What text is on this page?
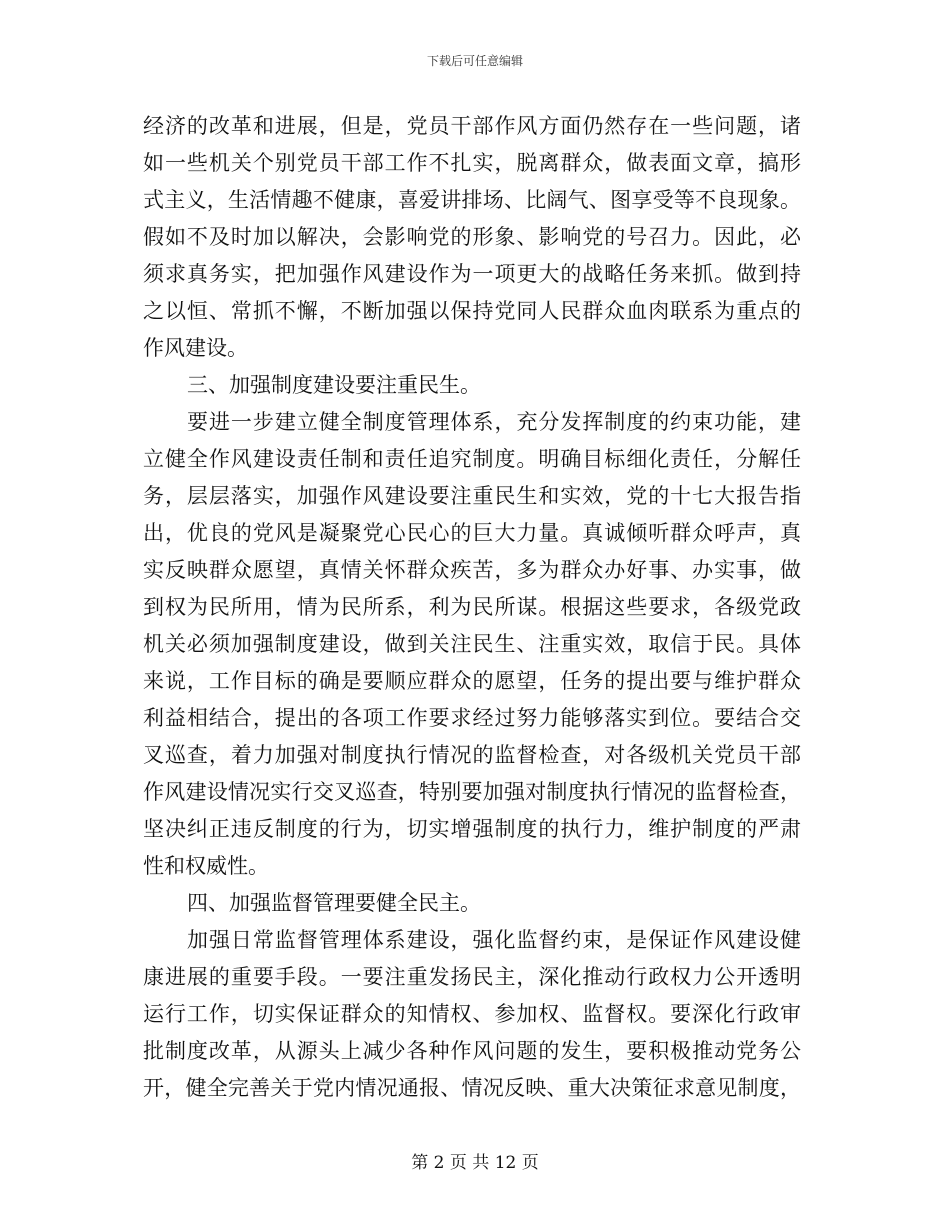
下载后可任意编辑
经济的改革和进展，但是，党员干部作风方面仍然存在一些问题，诸
如一些机关个别党员干部工作不扎实，脱离群众，做表面文章，搞形
式主义，生活情趣不健康，喜爱讲排场、比阔气、图享受等不良现象。
假如不及时加以解决，会影响党的形象、影响党的号召力。因此，必
须求真务实，把加强作风建设作为一项更大的战略任务来抓。做到持
之以恒、常抓不懈，不断加强以保持党同人民群众血肉联系为重点的
作风建设。
三、加强制度建设要注重民生。
要进一步建立健全制度管理体系，充分发挥制度的约束功能，建
立健全作风建设责任制和责任追究制度。明确目标细化责任，分解任
务，层层落实，加强作风建设要注重民生和实效，党的十七大报告指
出，优良的党风是凝聚党心民心的巨大力量。真诚倾听群众呼声，真
实反映群众愿望，真情关怀群众疾苦，多为群众办好事、办实事，做
到权为民所用，情为民所系，利为民所谋。根据这些要求，各级党政
机关必须加强制度建设，做到关注民生、注重实效，取信于民。具体
来说，工作目标的确是要顺应群众的愿望，任务的提出要与维护群众
利益相结合，提出的各项工作要求经过努力能够落实到位。要结合交
叉巡查，着力加强对制度执行情况的监督检查，对各级机关党员干部
作风建设情况实行交叉巡查，特别要加强对制度执行情况的监督检查，
坚决纠正违反制度的行为，切实增强制度的执行力，维护制度的严肃
性和权威性。
四、加强监督管理要健全民主。
加强日常监督管理体系建设，强化监督约束，是保证作风建设健
康进展的重要手段。一要注重发扬民主，深化推动行政权力公开透明
运行工作，切实保证群众的知情权、参加权、监督权。要深化行政审
批制度改革，从源头上减少各种作风问题的发生，要积极推动党务公
开，健全完善关于党内情况通报、情况反映、重大决策征求意见制度，
第 2 页 共 12 页
